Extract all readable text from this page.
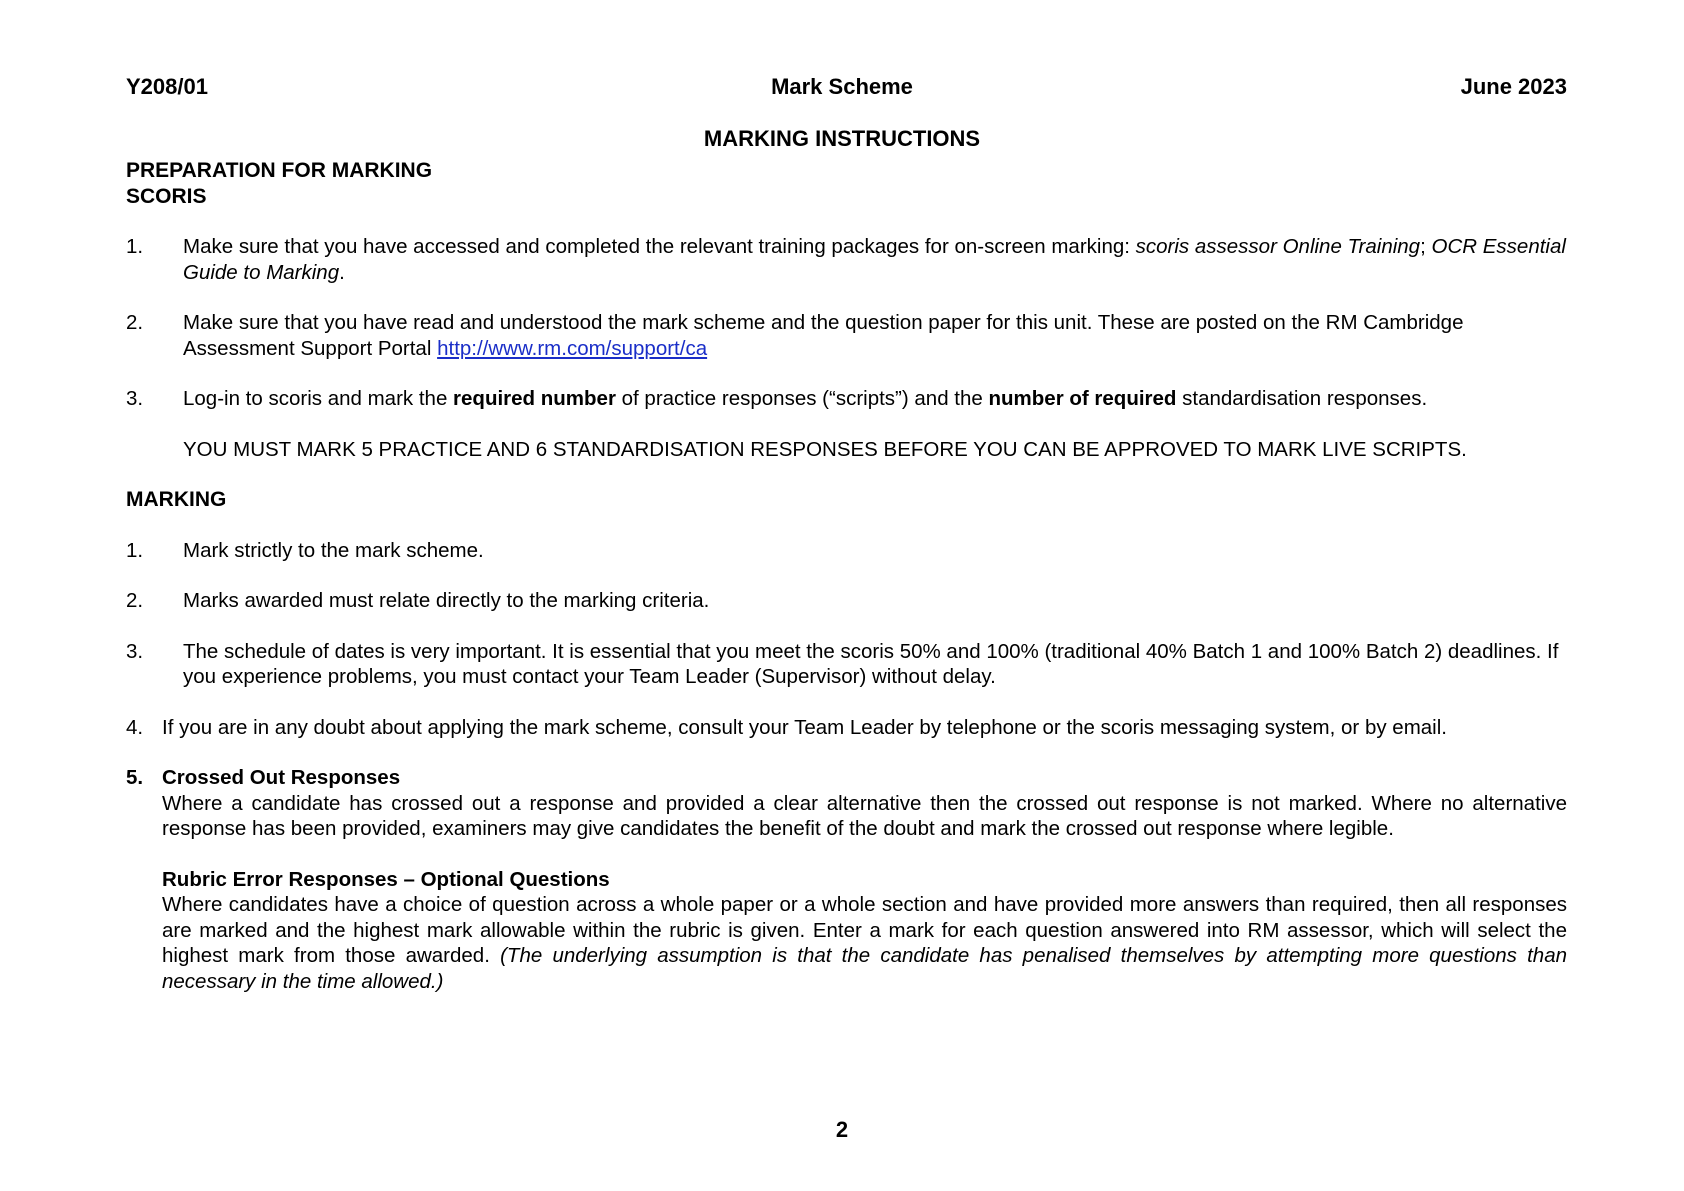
Mark Scheme
Y208/01	June 2023
MARKING INSTRUCTIONS
PREPARATION FOR MARKING
SCORIS
1.	Make sure that you have accessed and completed the relevant training packages for on-screen marking: scoris assessor Online Training; OCR Essential Guide to Marking.
2.	Make sure that you have read and understood the mark scheme and the question paper for this unit. These are posted on the RM Cambridge Assessment Support Portal http://www.rm.com/support/ca
3.	Log-in to scoris and mark the required number of practice responses (“scripts”) and the number of required standardisation responses.
YOU MUST MARK 5 PRACTICE AND 6 STANDARDISATION RESPONSES BEFORE YOU CAN BE APPROVED TO MARK LIVE SCRIPTS.
MARKING
1.	Mark strictly to the mark scheme.
2.	Marks awarded must relate directly to the marking criteria.
3.	The schedule of dates is very important. It is essential that you meet the scoris 50% and 100% (traditional 40% Batch 1 and 100% Batch 2) deadlines. If you experience problems, you must contact your Team Leader (Supervisor) without delay.
4. If you are in any doubt about applying the mark scheme, consult your Team Leader by telephone or the scoris messaging system, or by email.
5. Crossed Out Responses
Where a candidate has crossed out a response and provided a clear alternative then the crossed out response is not marked. Where no alternative response has been provided, examiners may give candidates the benefit of the doubt and mark the crossed out response where legible.
Rubric Error Responses – Optional Questions
Where candidates have a choice of question across a whole paper or a whole section and have provided more answers than required, then all responses are marked and the highest mark allowable within the rubric is given. Enter a mark for each question answered into RM assessor, which will select the highest mark from those awarded. (The underlying assumption is that the candidate has penalised themselves by attempting more questions than necessary in the time allowed.)
2
